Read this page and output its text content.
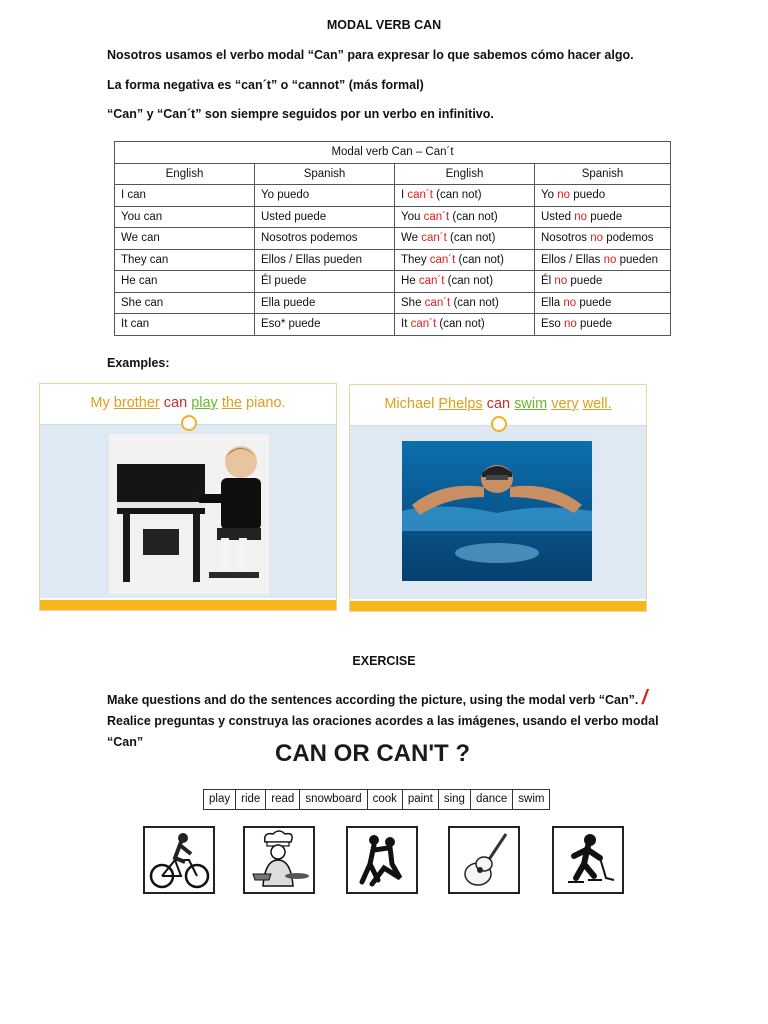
MODAL VERB CAN
Nosotros usamos el verbo modal “Can” para expresar lo que sabemos cómo hacer algo.
La forma negativa es “can´t” o “cannot” (más formal)
“Can” y “Can´t” son siempre seguidos por un verbo en infinitivo.
Modal verb Can – Can´t			
English	Spanish	English	Spanish
I can	Yo puedo	I can´t (can not)	Yo no puedo
You can	Usted puede	You can´t (can not)	Usted no puede
We can	Nosotros podemos	We can´t (can not)	Nosotros no podemos
They can	Ellos / Ellas pueden	They can´t (can not)	Ellos / Ellas no pueden
He can	Él puede	He can´t (can not)	Él no puede
She can	Ella puede	She can´t (can not)	Ella no puede
It can	Eso* puede	It can´t (can not)	Eso no puede
Examples:
My brother can play the piano.	Michael Phelps can swim very well.
EXERCISE
Make questions and do the sentences according the picture, using the modal verb “Can”. / Realice preguntas y construya las oraciones acordes a las imágenes, usando el verbo modal “Can”	CAN OR CAN'T ?
play ride read snowboard cook paint sing dance swim
